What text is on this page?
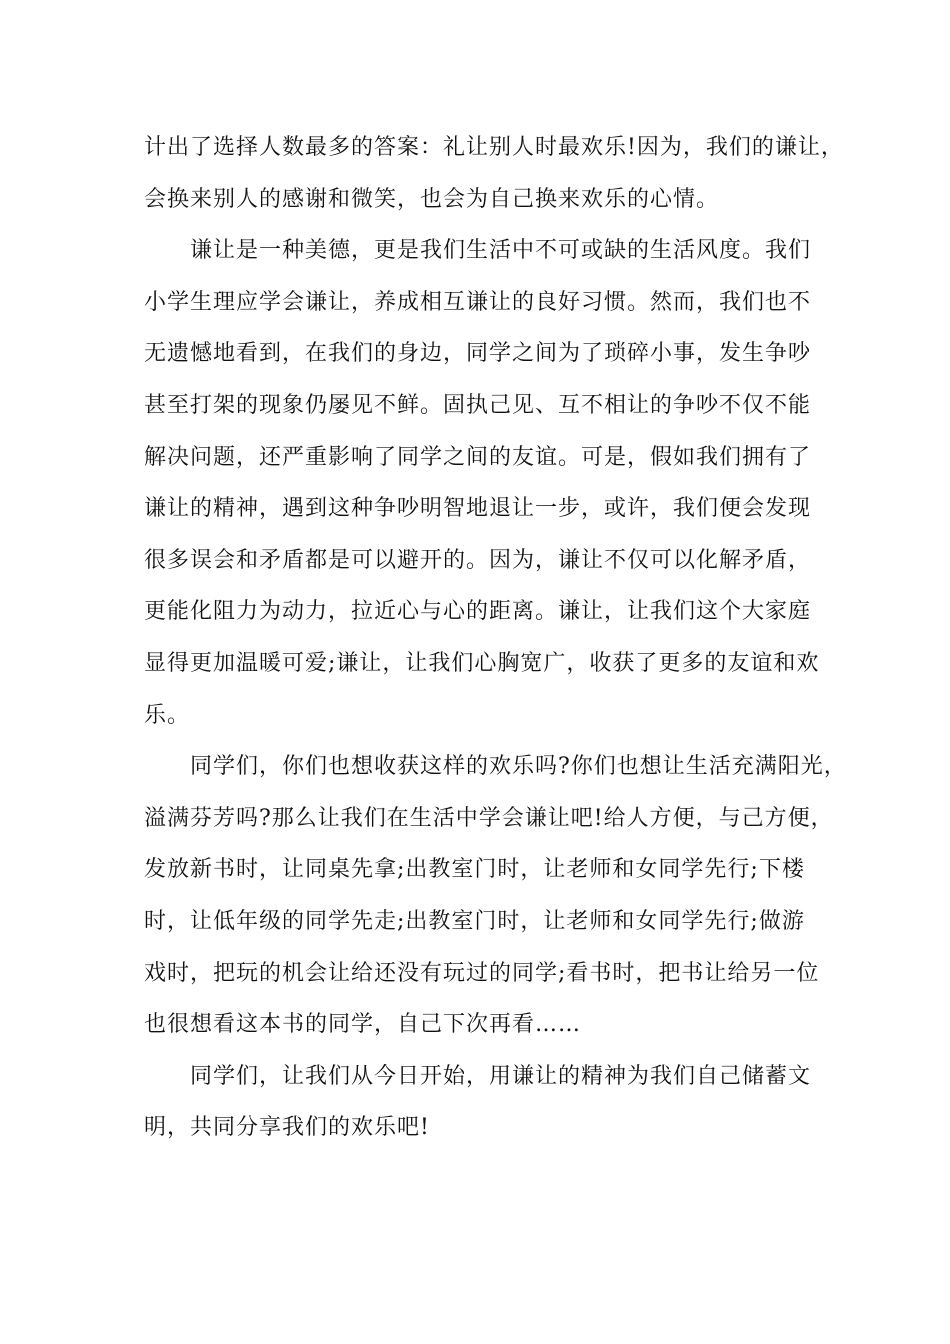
计出了选择人数最多的答案：礼让别人时最欢乐!因为，我们的谦让，
会换来别人的感谢和微笑，也会为自己换来欢乐的心情。

谦让是一种美德，更是我们生活中不可或缺的生活风度。我们
小学生理应学会谦让，养成相互谦让的良好习惯。然而，我们也不
无遗憾地看到，在我们的身边，同学之间为了琐碎小事，发生争吵
甚至打架的现象仍屡见不鲜。固执己见、互不相让的争吵不仅不能
解决问题，还严重影响了同学之间的友谊。可是，假如我们拥有了
谦让的精神，遇到这种争吵明智地退让一步，或许，我们便会发现
很多误会和矛盾都是可以避开的。因为，谦让不仅可以化解矛盾，
更能化阻力为动力，拉近心与心的距离。谦让，让我们这个大家庭
显得更加温暖可爱;谦让，让我们心胸宽广，收获了更多的友谊和欢
乐。

同学们，你们也想收获这样的欢乐吗?你们也想让生活充满阳光，
溢满芬芳吗?那么让我们在生活中学会谦让吧!给人方便，与己方便，
发放新书时，让同桌先拿;出教室门时，让老师和女同学先行;下楼
时，让低年级的同学先走;出教室门时，让老师和女同学先行;做游
戏时，把玩的机会让给还没有玩过的同学;看书时，把书让给另一位
也很想看这本书的同学，自己下次再看……

同学们，让我们从今日开始，用谦让的精神为我们自己储蓄文
明，共同分享我们的欢乐吧!
